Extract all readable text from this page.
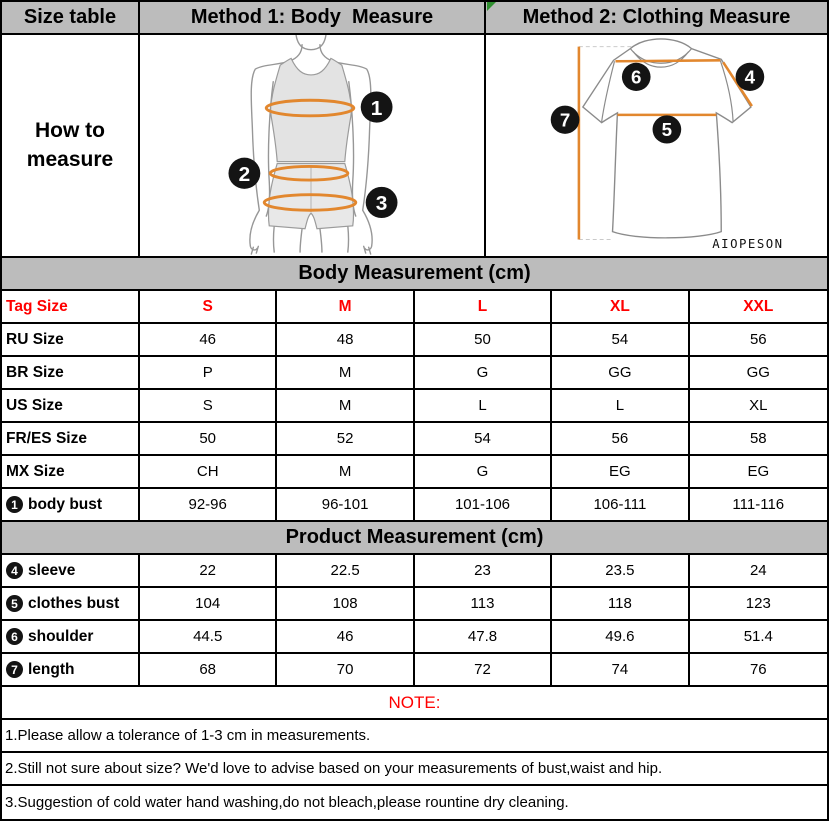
Size table	Method 1: Body  Measure	Method 2: Clothing Measure
How to measure
1
2
3
7
6	4
5
AIOPESON
Body Measurement (cm)
Tag Size	S	M	L	XL	XXL
RU Size	46	48	50	54	56
BR Size	P	M	G	GG	GG
US Size	S	M	L	L	XL
FR/ES Size	50	52	54	56	58
MX Size	CH	M	G	EG	EG
1 body bust	92-96	96-101	101-106	106-111	111-116
Product Measurement (cm)
4 sleeve	22	22.5	23	23.5	24
5 clothes bust	104	108	113	118	123
6 shoulder	44.5	46	47.8	49.6	51.4
7 length	68	70	72	74	76
NOTE:
1.Please allow a tolerance of 1-3 cm in measurements.
2.Still not sure about size? We'd love to advise based on your measurements of bust,waist and hip.
3.Suggestion of cold water hand washing,do not bleach,please rountine dry cleaning.
